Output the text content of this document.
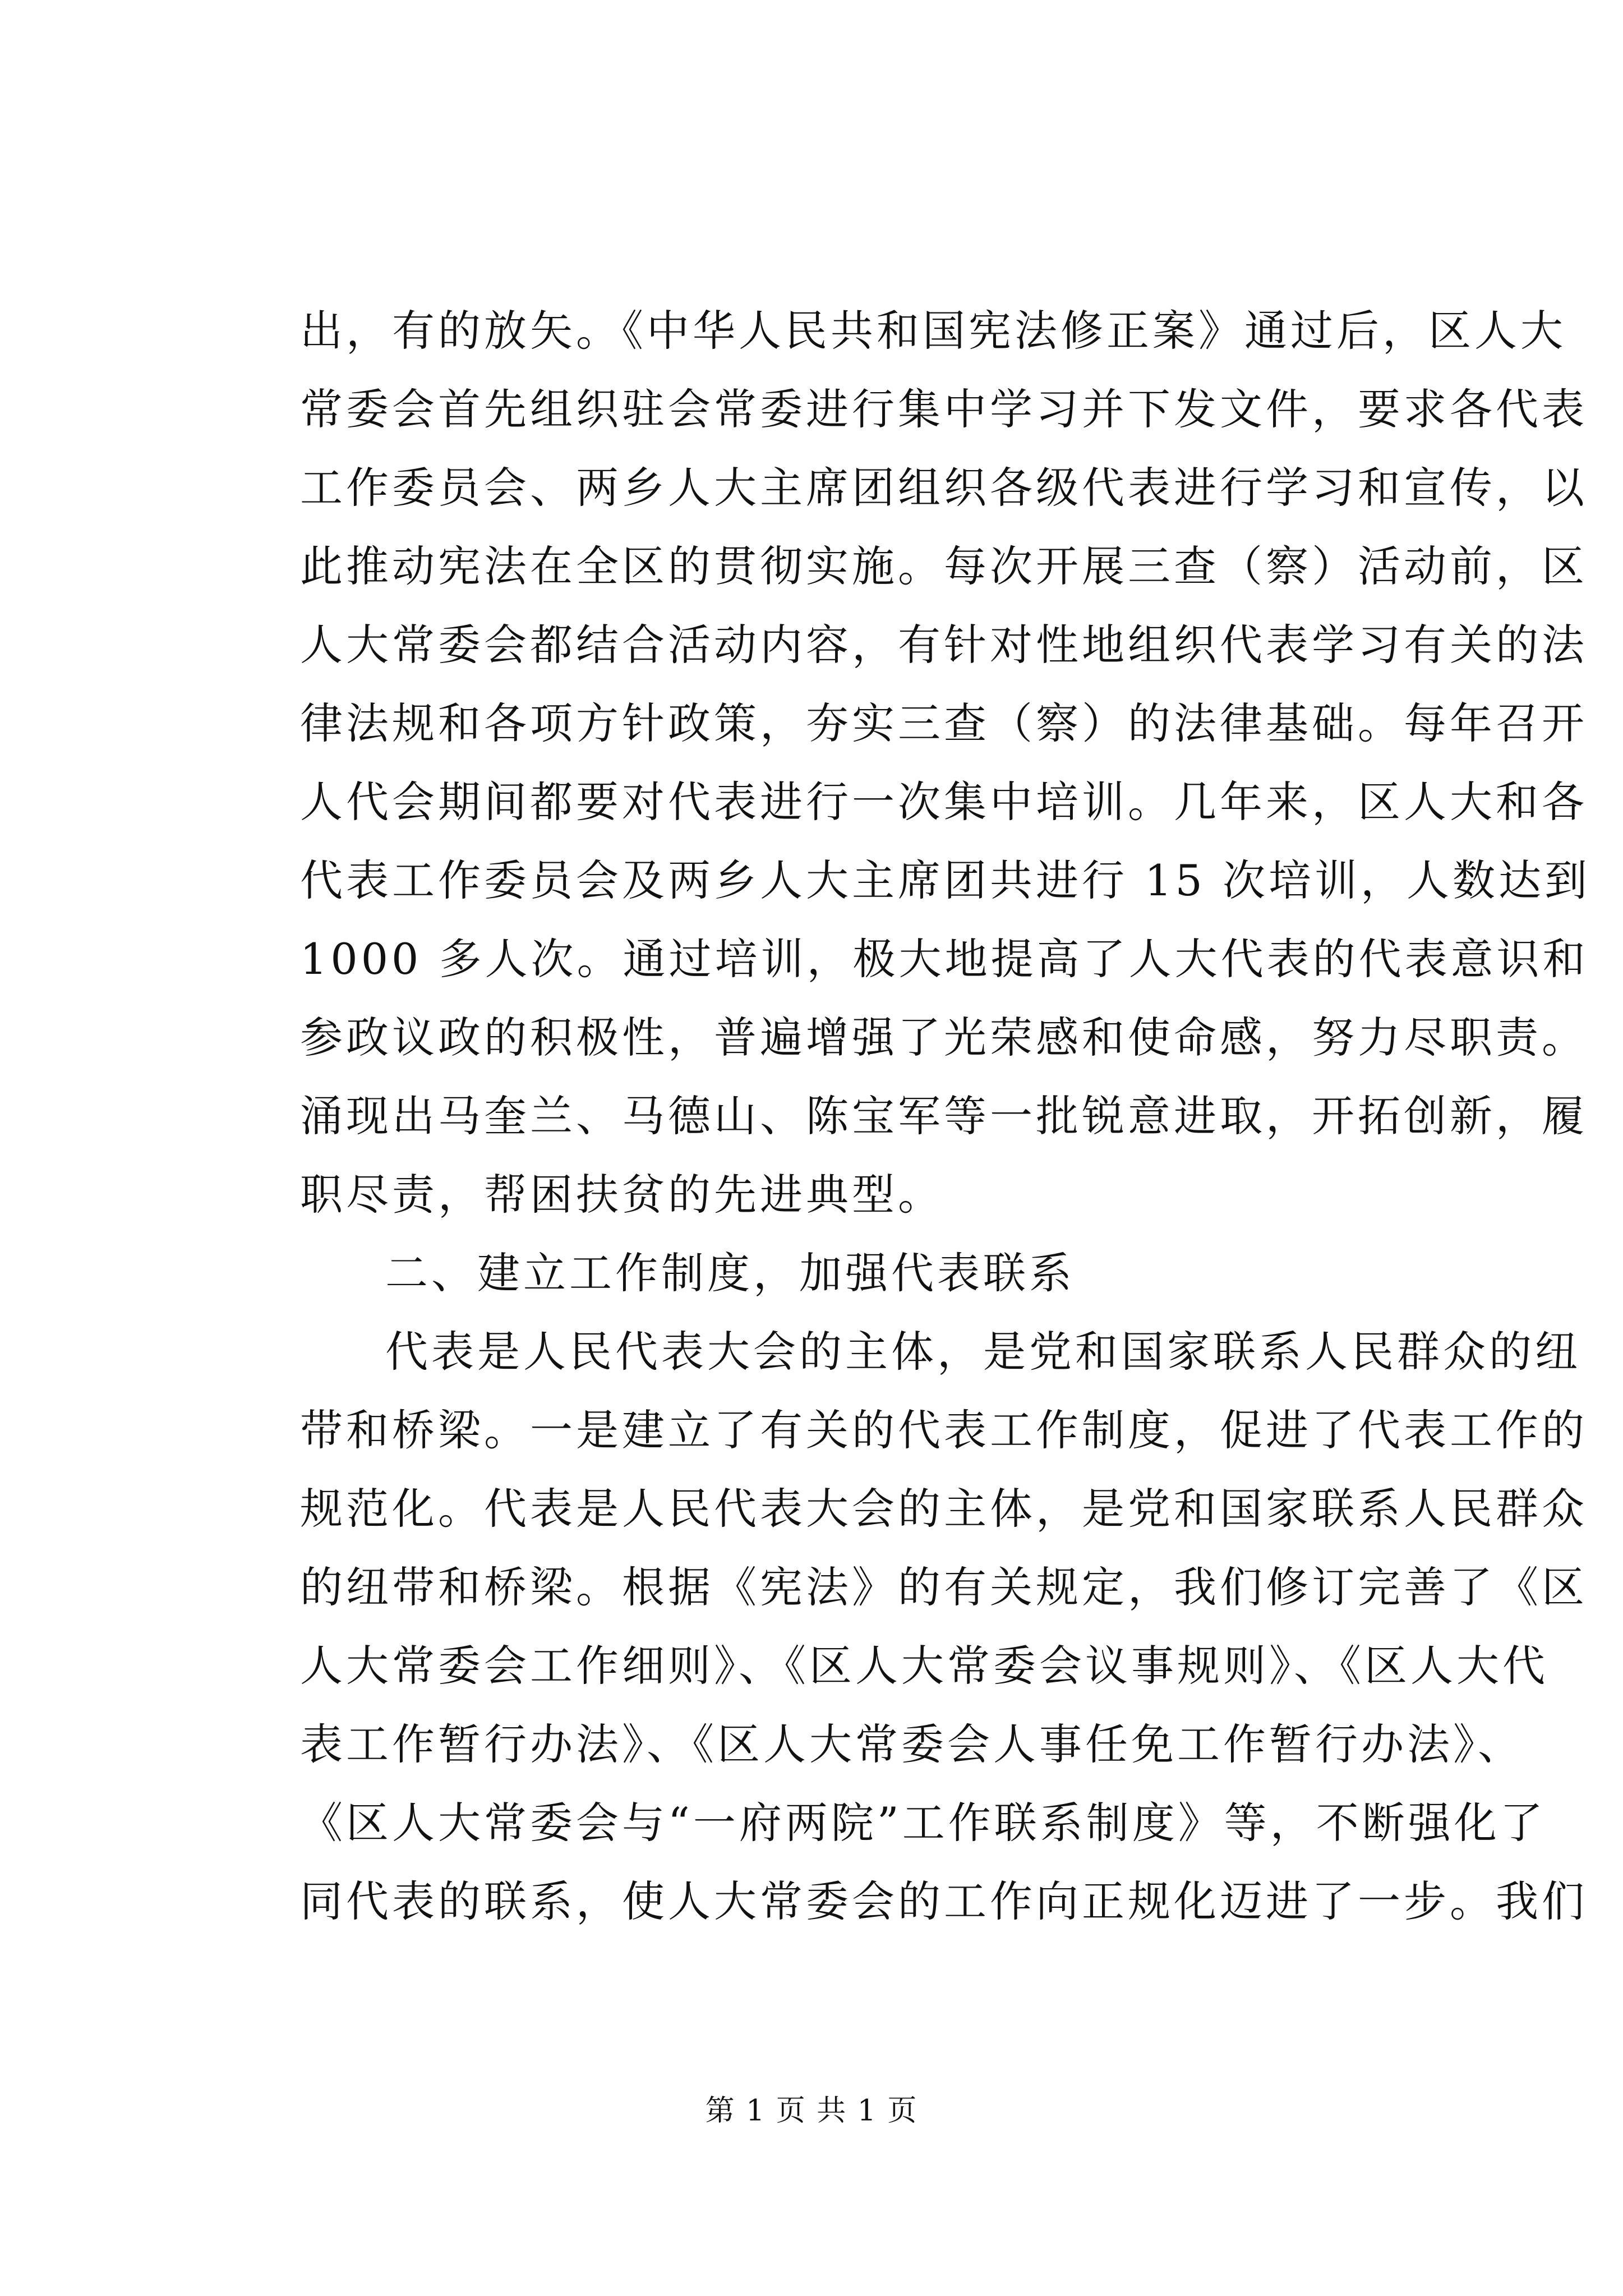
出，有的放矢。《中华人民共和国宪法修正案》通过后，区人大
常委会首先组织驻会常委进行集中学习并下发文件，要求各代表
工作委员会、两乡人大主席团组织各级代表进行学习和宣传，以
此推动宪法在全区的贯彻实施。每次开展三查（察）活动前，区
人大常委会都结合活动内容，有针对性地组织代表学习有关的法
律法规和各项方针政策，夯实三查（察）的法律基础。每年召开
人代会期间都要对代表进行一次集中培训。几年来，区人大和各
代表工作委员会及两乡人大主席团共进行 15 次培训，人数达到
1000 多人次。通过培训，极大地提高了人大代表的代表意识和
参政议政的积极性，普遍增强了光荣感和使命感，努力尽职责。
涌现出马奎兰、马德山、陈宝军等一批锐意进取，开拓创新，履
职尽责，帮困扶贫的先进典型。
二、建立工作制度，加强代表联系
代表是人民代表大会的主体，是党和国家联系人民群众的纽
带和桥梁。一是建立了有关的代表工作制度，促进了代表工作的
规范化。代表是人民代表大会的主体，是党和国家联系人民群众
的纽带和桥梁。根据《宪法》的有关规定，我们修订完善了《区
人大常委会工作细则》、《区人大常委会议事规则》、《区人大代
表工作暂行办法》、《区人大常委会人事任免工作暂行办法》、
《区人大常委会与“一府两院”工作联系制度》等，不断强化了
同代表的联系，使人大常委会的工作向正规化迈进了一步。我们
第 1 页 共 1 页
